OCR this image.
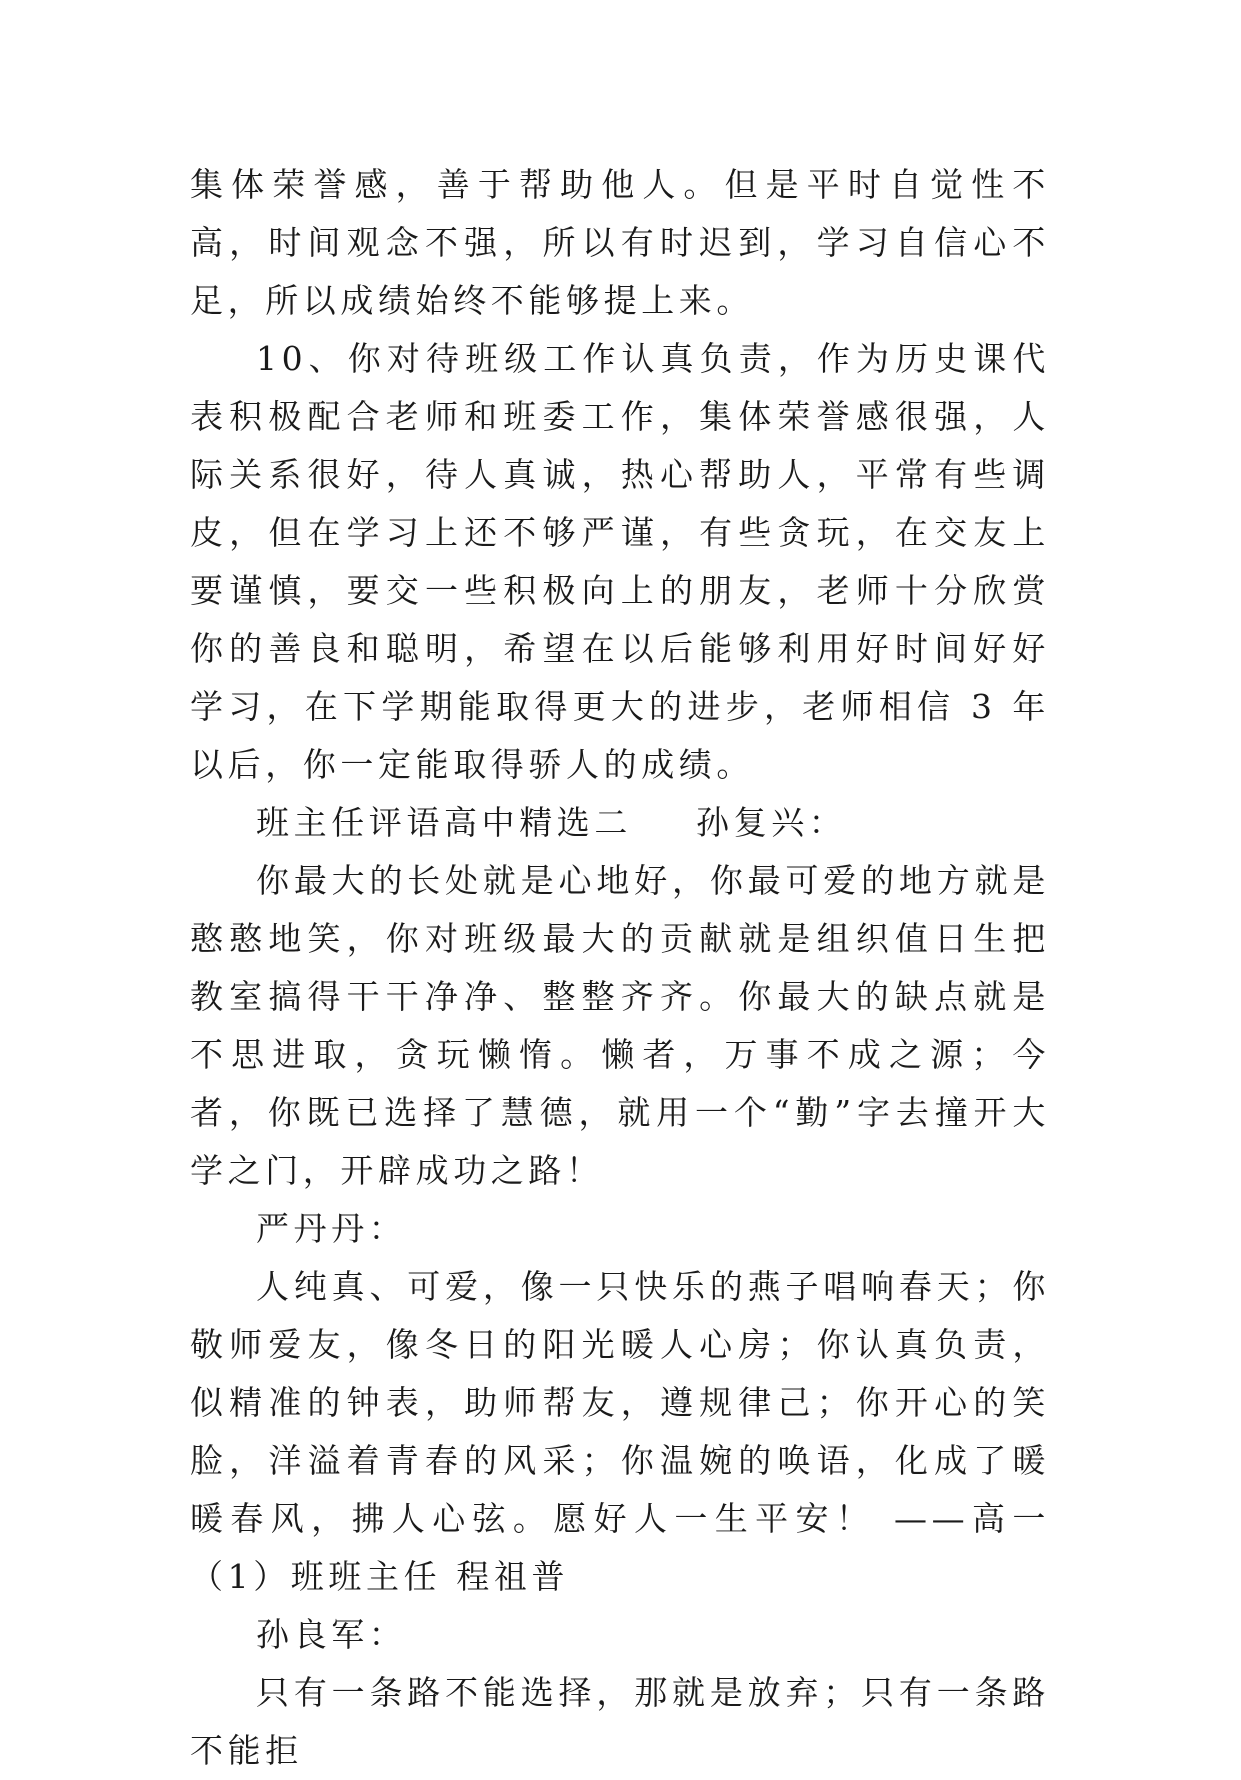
集体荣誉感，善于帮助他人。但是平时自觉性不高，时间观念不强，所以有时迟到，学习自信心不足，所以成绩始终不能够提上来。

10、你对待班级工作认真负责，作为历史课代表积极配合老师和班委工作，集体荣誉感很强，人际关系很好，待人真诚，热心帮助人，平常有些调皮，但在学习上还不够严谨，有些贪玩，在交友上要谨慎，要交一些积极向上的朋友，老师十分欣赏你的善良和聪明，希望在以后能够利用好时间好好学习，在下学期能取得更大的进步，老师相信 3 年以后，你一定能取得骄人的成绩。

班主任评语高中精选二 孙复兴：

你最大的长处就是心地好，你最可爱的地方就是憨憨地笑，你对班级最大的贡献就是组织值日生把教室搞得干干净净、整整齐齐。你最大的缺点就是不思进取，贪玩懒惰。懒者，万事不成之源；今者，你既已选择了慧德，就用一个“勤”字去撞开大学之门，开辟成功之路！

严丹丹：

人纯真、可爱，像一只快乐的燕子唱响春天；你敬师爱友，像冬日的阳光暖人心房；你认真负责，似精准的钟表，助师帮友，遵规律己；你开心的笑脸，洋溢着青春的风采；你温婉的唤语，化成了暖暖春风，拂人心弦。愿好人一生平安！ ——高一（1）班班主任 程祖普

孙良军：

只有一条路不能选择，那就是放弃；只有一条路不能拒
